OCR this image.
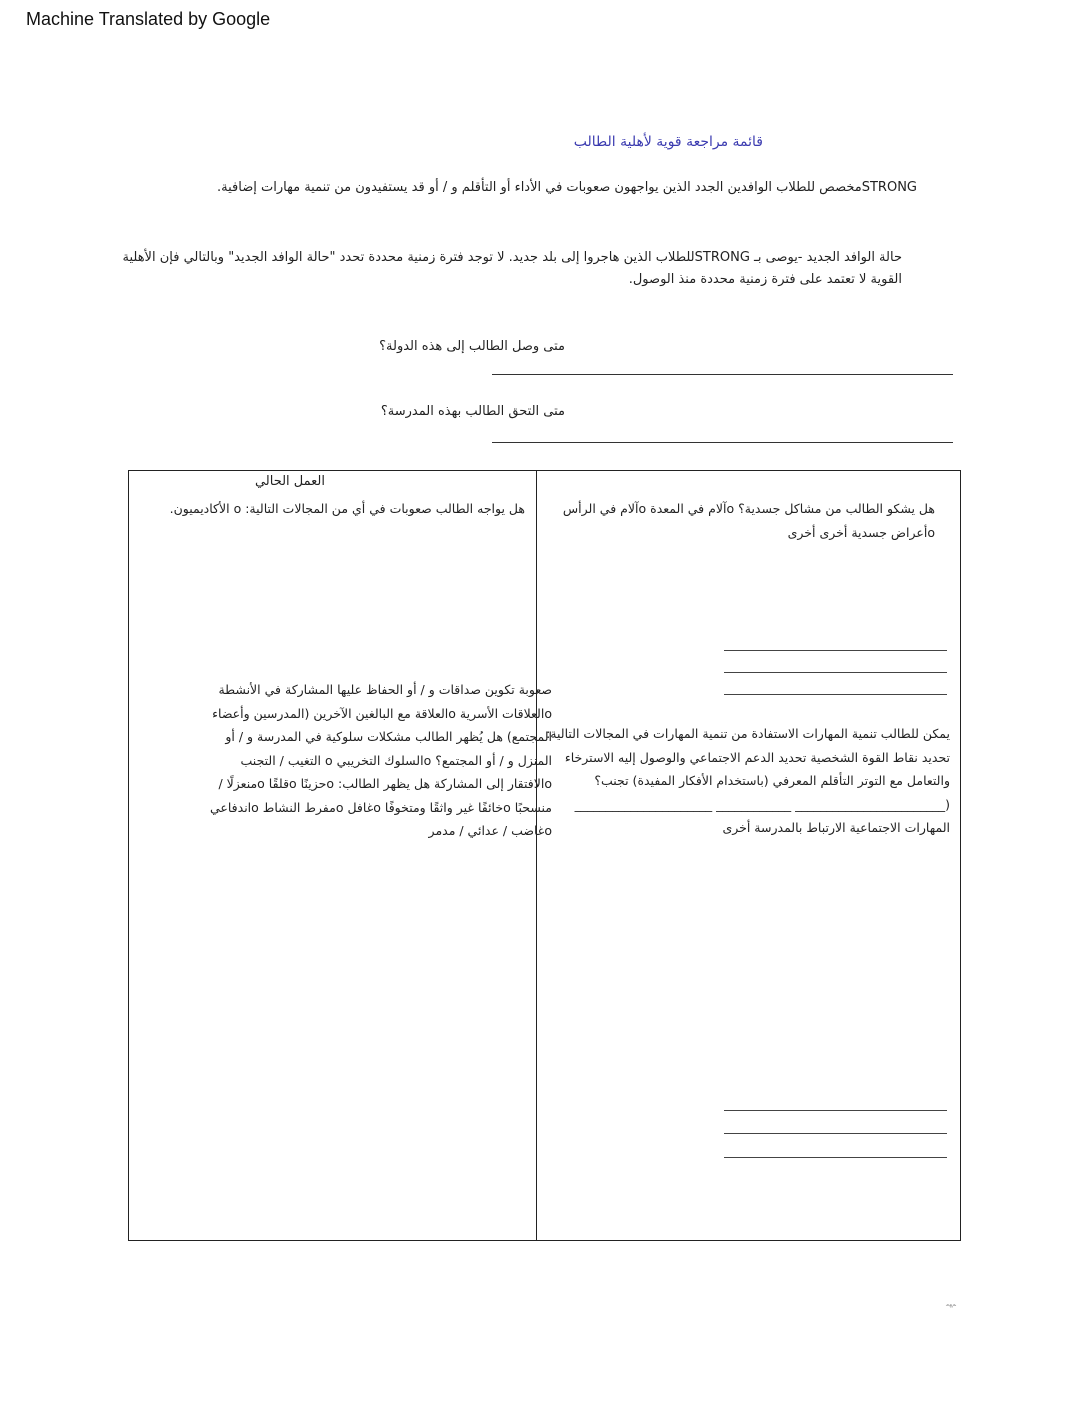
Machine Translated by Google
قائمة مراجعة قوية لأهلية الطالب
STRONGمخصص للطلاب الوافدين الجدد الذين يواجهون صعوبات في الأداء أو التأقلم و / أو قد يستفيدون من تنمية مهارات إضافية.
حالة الوافد الجديد -يوصى بـ STRONGللطلاب الذين هاجروا إلى بلد جديد. لا توجد فترة زمنية محددة تحدد "حالة الوافد الجديد" وبالتالي فإن الأهلية القوية لا تعتمد على فترة زمنية محددة منذ الوصول.
متى وصل الطالب إلى هذه الدولة؟
متى التحق الطالب بهذه المدرسة؟
العمل الحالي
هل يواجه الطالب صعوبات في أي من المجالات التالية: o الأكاديميون.
صعوبة تكوين صداقات و / أو الحفاظ عليها المشاركة في الأنشطة oالعلاقات الأسرية oالعلاقة مع البالغين الآخرين (المدرسين وأعضاء المجتمع) هل يُظهر الطالب مشكلات سلوكية في المدرسة و / أو المنزل و / أو المجتمع؟ oالسلوك التخريبي o التغيب / التجنب oالافتقار إلى المشاركة هل يظهر الطالب: oحزينًا oقلقًا oمنعزلًا / منسحبًا oخائفًا غير واثقًا ومتخوفًا oغافل oمفرط النشاط oاندفاعي oغاضب / عدائي / مدمر
هل يشكو الطالب من مشاكل جسدية؟ oآلام في المعدة oآلام في الرأس oأعراض جسدية أخرى أخرى
يمكن للطالب تنمية المهارات الاستفادة من تنمية المهارات في المجالات التالية: تحديد نقاط القوة الشخصية تحديد الدعم الاجتماعي والوصول إليه الاسترخاء والتعامل مع التوتر التأقلم المعرفي (باستخدام الأفكار المفيدة) تجنب؟ (________________________ ____________ ______________________ المهارات الاجتماعية الارتباط بالمدرسة أخرى
ﻢﻬﻣ
